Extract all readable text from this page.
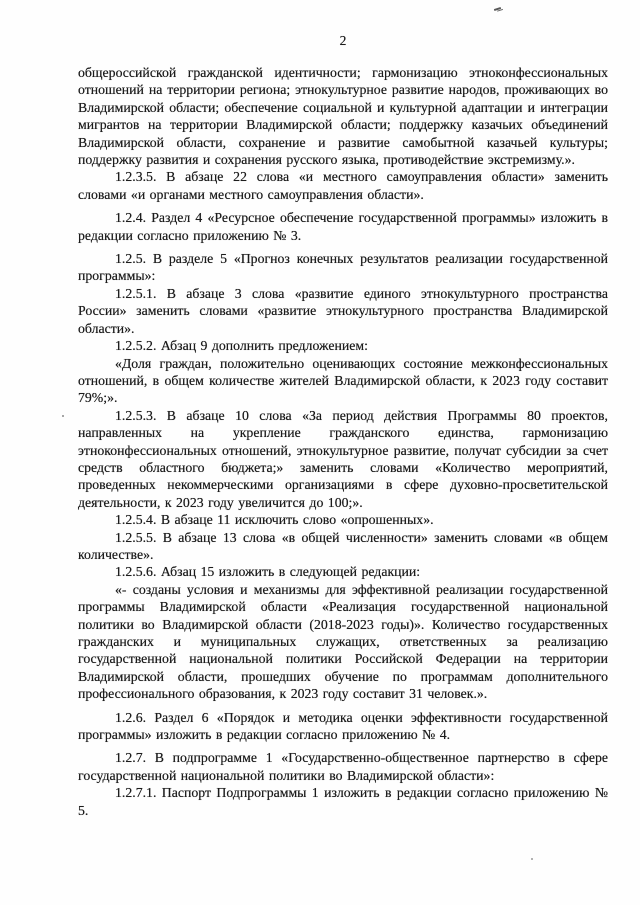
2

общероссийской гражданской идентичности; гармонизацию этноконфессиональных отношений на территории региона; этнокультурное развитие народов, проживающих во Владимирской области; обеспечение социальной и культурной адаптации и интеграции мигрантов на территории Владимирской области; поддержку казачьих объединений Владимирской области, сохранение и развитие самобытной казачьей культуры; поддержку развития и сохранения русского языка, противодействие экстремизму.».

1.2.3.5. В абзаце 22 слова «и местного самоуправления области» заменить словами «и органами местного самоуправления области».

1.2.4. Раздел 4 «Ресурсное обеспечение государственной программы» изложить в редакции согласно приложению № 3.

1.2.5. В разделе 5 «Прогноз конечных результатов реализации государственной программы»:

1.2.5.1. В абзаце 3 слова «развитие единого этнокультурного пространства России» заменить словами «развитие этнокультурного пространства Владимирской области».

1.2.5.2. Абзац 9 дополнить предложением:

«Доля граждан, положительно оценивающих состояние межконфессиональных отношений, в общем количестве жителей Владимирской области, к 2023 году составит 79%;».

1.2.5.3. В абзаце 10 слова «За период действия Программы 80 проектов, направленных на укрепление гражданского единства, гармонизацию этноконфессиональных отношений, этнокультурное развитие, получат субсидии за счет средств областного бюджета;» заменить словами «Количество мероприятий, проведенных некоммерческими организациями в сфере духовно-просветительской деятельности, к 2023 году увеличится до 100;».

1.2.5.4. В абзаце 11 исключить слово «опрошенных».

1.2.5.5. В абзаце 13 слова «в общей численности» заменить словами «в общем количестве».

1.2.5.6. Абзац 15 изложить в следующей редакции:

«- созданы условия и механизмы для эффективной реализации государственной программы Владимирской области «Реализация государственной национальной политики во Владимирской области (2018-2023 годы)». Количество государственных гражданских и муниципальных служащих, ответственных за реализацию государственной национальной политики Российской Федерации на территории Владимирской области, прошедших обучение по программам дополнительного профессионального образования, к 2023 году составит 31 человек.».

1.2.6. Раздел 6 «Порядок и методика оценки эффективности государственной программы» изложить в редакции согласно приложению № 4.

1.2.7. В подпрограмме 1 «Государственно-общественное партнерство в сфере государственной национальной политики во Владимирской области»:

1.2.7.1. Паспорт Подпрограммы 1 изложить в редакции согласно приложению № 5.
